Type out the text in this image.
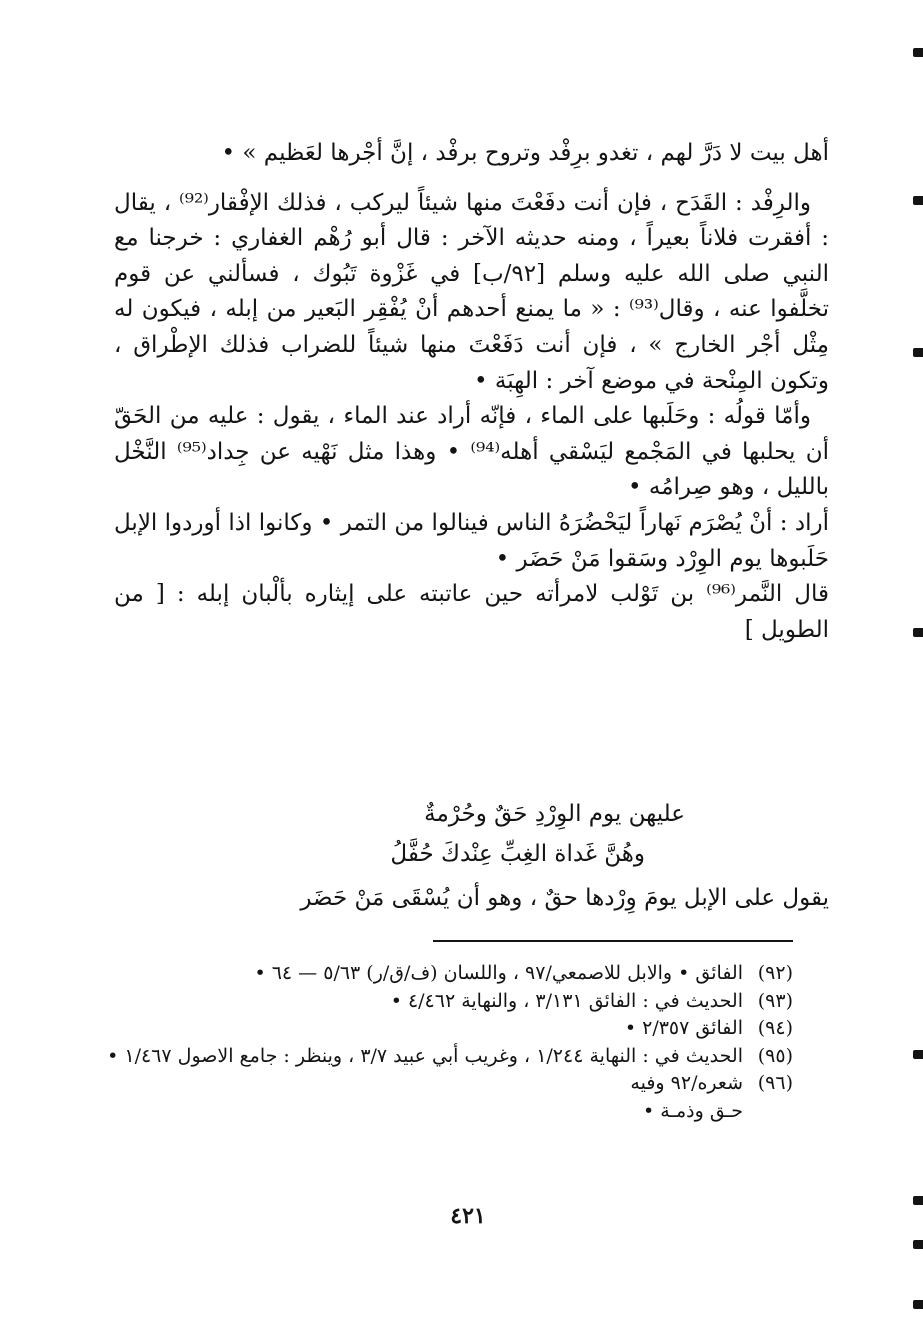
أهل بيت لا دَرَّ لهم ، تغدو برِفْد وتروح برفْد ، إنَّ أجْرها لعَظيم » •

والرِفْد : القَدَح ، فإن أنت دفَعْتَ منها شيئاً ليركب ، فذلك الإفْقار⁽⁹²⁾ ، يقال : أفقرت فلاناً بعيراً ، ومنه حديثه الآخر : قال أبو رُهْم الغفاري : خرجنا مع النبي صلى الله عليه وسلم [٩٢/ب] في غَزْوة تَبُوك ، فسألني عن قوم تخلَّفوا عنه ، وقال⁽⁹³⁾ : « ما يمنع أحدهم أنْ يُفْقِر البَعير من إبله ، فيكون له مِثْل أجْر الخارج » ، فإن أنت دَفَعْتَ منها شيئاً للضراب فذلك الإطْراق ، وتكون المِنْحة في موضع آخر : الهِبَة •

وأمّا قولُه : وحَلَبها على الماء ، فإنّه أراد عند الماء ، يقول : عليه من الحَقّ أن يحلبها في المَجْمع ليَسْقي أهله⁽⁹⁴⁾ • وهذا مثل نَهْيه عن جِداد⁽⁹⁵⁾ النَّخْل بالليل ، وهو صِرامُه •

أراد : أنْ يُصْرَم نَهاراً ليَحْضُرَهُ الناس فينالوا من التمر • وكانوا اذا أوردوا الإبل حَلَبوها يوم الوِرْد وسَقوا مَنْ حَضَر •

قال النَّمر⁽⁹⁶⁾ بن تَوْلب لامرأته حين عاتبته على إيثاره بألْبان إبله : [ من الطويل ]

عليهن يوم الوِرْدِ حَقٌ وحُرْمةٌ
وهُنَّ غَداة الغِبِّ عِنْدكَ حُفَّلُ
يقول على الإبل يومَ وِرْدها حقٌ ، وهو أن يُسْقَى مَنْ حَضَر
(٩٢)
الفائق • والابل للاصمعي/٩٧ ، واللسان (ف/ق/ر) ٥/٦٣ — ٦٤ •
(٩٣)
الحديث في : الفائق ٣/١٣١ ، والنهاية ٤/٤٦٢ •
(٩٤)
الفائق ٢/٣٥٧ •
(٩٥)
الحديث في : النهاية ١/٢٤٤ ، وغريب أبي عبيد ٣/٧ ، وينظر : جامع الاصول ١/٤٦٧ •
(٩٦)
شعره/٩٢ وفيه
حـق وذمـة •
٤٢١
